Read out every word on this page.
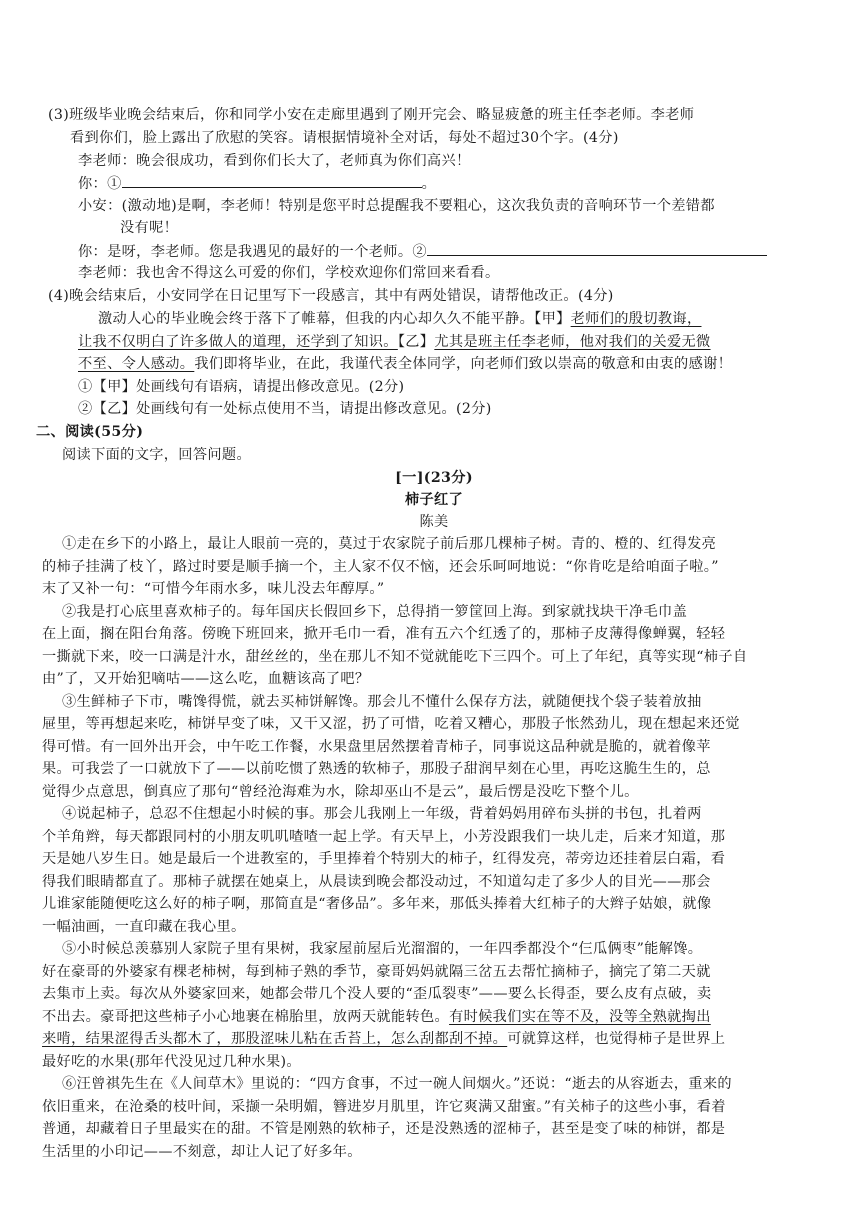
(3)班级毕业晚会结束后，你和同学小安在走廊里遇到了刚开完会、略显疲惫的班主任李老师。李老师
看到你们，脸上露出了欣慰的笑容。请根据情境补全对话，每处不超过30个字。(4分)
李老师：晚会很成功，看到你们长大了，老师真为你们高兴！
你：①	。
小安：(激动地)是啊，李老师！特别是您平时总提醒我不要粗心，这次我负责的音响环节一个差错都
没有呢！
你：是呀，李老师。您是我遇见的最好的一个老师。②
李老师：我也舍不得这么可爱的你们，学校欢迎你们常回来看看。
(4)晚会结束后，小安同学在日记里写下一段感言，其中有两处错误，请帮他改正。(4分)
激动人心的毕业晚会终于落下了帷幕，但我的内心却久久不能平静。【甲】老师们的殷切教诲，
让我不仅明白了许多做人的道理，还学到了知识。【乙】尤其是班主任李老师，他对我们的关爱无微
不至、令人感动。我们即将毕业，在此，我谨代表全体同学，向老师们致以崇高的敬意和由衷的感谢！
①【甲】处画线句有语病，请提出修改意见。(2分)
②【乙】处画线句有一处标点使用不当，请提出修改意见。(2分)
二、阅读(55分)
阅读下面的文字，回答问题。
[一](23分)
柿子红了
陈美
①走在乡下的小路上，最让人眼前一亮的，莫过于农家院子前后那几棵柿子树。青的、橙的、红得发亮
的柿子挂满了枝丫，路过时要是顺手摘一个，主人家不仅不恼，还会乐呵呵地说：“你肯吃是给咱面子啦。”
末了又补一句：“可惜今年雨水多，味儿没去年醇厚。”
②我是打心底里喜欢柿子的。每年国庆长假回乡下，总得捎一箩筐回上海。到家就找块干净毛巾盖
在上面，搁在阳台角落。傍晚下班回来，掀开毛巾一看，准有五六个红透了的，那柿子皮薄得像蝉翼，轻轻
一撕就下来，咬一口满是汁水，甜丝丝的，坐在那儿不知不觉就能吃下三四个。可上了年纪，真等实现“柿子自
由”了，又开始犯嘀咕——这么吃，血糖该高了吧？
③生鲜柿子下市，嘴馋得慌，就去买柿饼解馋。那会儿不懂什么保存方法，就随便找个袋子装着放抽
屉里，等再想起来吃，柿饼早变了味，又干又涩，扔了可惜，吃着又糟心，那股子怅然劲儿，现在想起来还觉
得可惜。有一回外出开会，中午吃工作餐，水果盘里居然摆着青柿子，同事说这品种就是脆的，就着像苹
果。可我尝了一口就放下了——以前吃惯了熟透的软柿子，那股子甜润早刻在心里，再吃这脆生生的，总
觉得少点意思，倒真应了那句“曾经沧海难为水，除却巫山不是云”，最后愣是没吃下整个儿。
④说起柿子，总忍不住想起小时候的事。那会儿我刚上一年级，背着妈妈用碎布头拼的书包，扎着两
个羊角辫，每天都跟同村的小朋友叽叽喳喳一起上学。有天早上，小芳没跟我们一块儿走，后来才知道，那
天是她八岁生日。她是最后一个进教室的，手里捧着个特别大的柿子，红得发亮，蒂旁边还挂着层白霜，看
得我们眼睛都直了。那柿子就摆在她桌上，从晨读到晚会都没动过，不知道勾走了多少人的目光——那会
儿谁家能随便吃这么好的柿子啊，那简直是“奢侈品”。多年来，那低头捧着大红柿子的大辫子姑娘，就像
一幅油画，一直印藏在我心里。
⑤小时候总羡慕别人家院子里有果树，我家屋前屋后光溜溜的，一年四季都没个“仨瓜俩枣”能解馋。
好在豪哥的外婆家有棵老柿树，每到柿子熟的季节，豪哥妈妈就隔三岔五去帮忙摘柿子，摘完了第二天就
去集市上卖。每次从外婆家回来，她都会带几个没人要的“歪瓜裂枣”——要么长得歪，要么皮有点破，卖
不出去。豪哥把这些柿子小心地裹在棉胎里，放两天就能转色。有时候我们实在等不及，没等全熟就掏出
来啃，结果涩得舌头都木了，那股涩味儿粘在舌苔上，怎么刮都刮不掉。可就算这样，也觉得柿子是世界上
最好吃的水果(那年代没见过几种水果)。
⑥汪曾祺先生在《人间草木》里说的：“四方食事，不过一碗人间烟火。”还说：“逝去的从容逝去，重来的
依旧重来，在沧桑的枝叶间，采撷一朵明媚，簪进岁月肌里，许它爽满又甜蜜。”有关柿子的这些小事，看着
普通，却藏着日子里最实在的甜。不管是刚熟的软柿子，还是没熟透的涩柿子，甚至是变了味的柿饼，都是
生活里的小印记——不刻意，却让人记了好多年。
